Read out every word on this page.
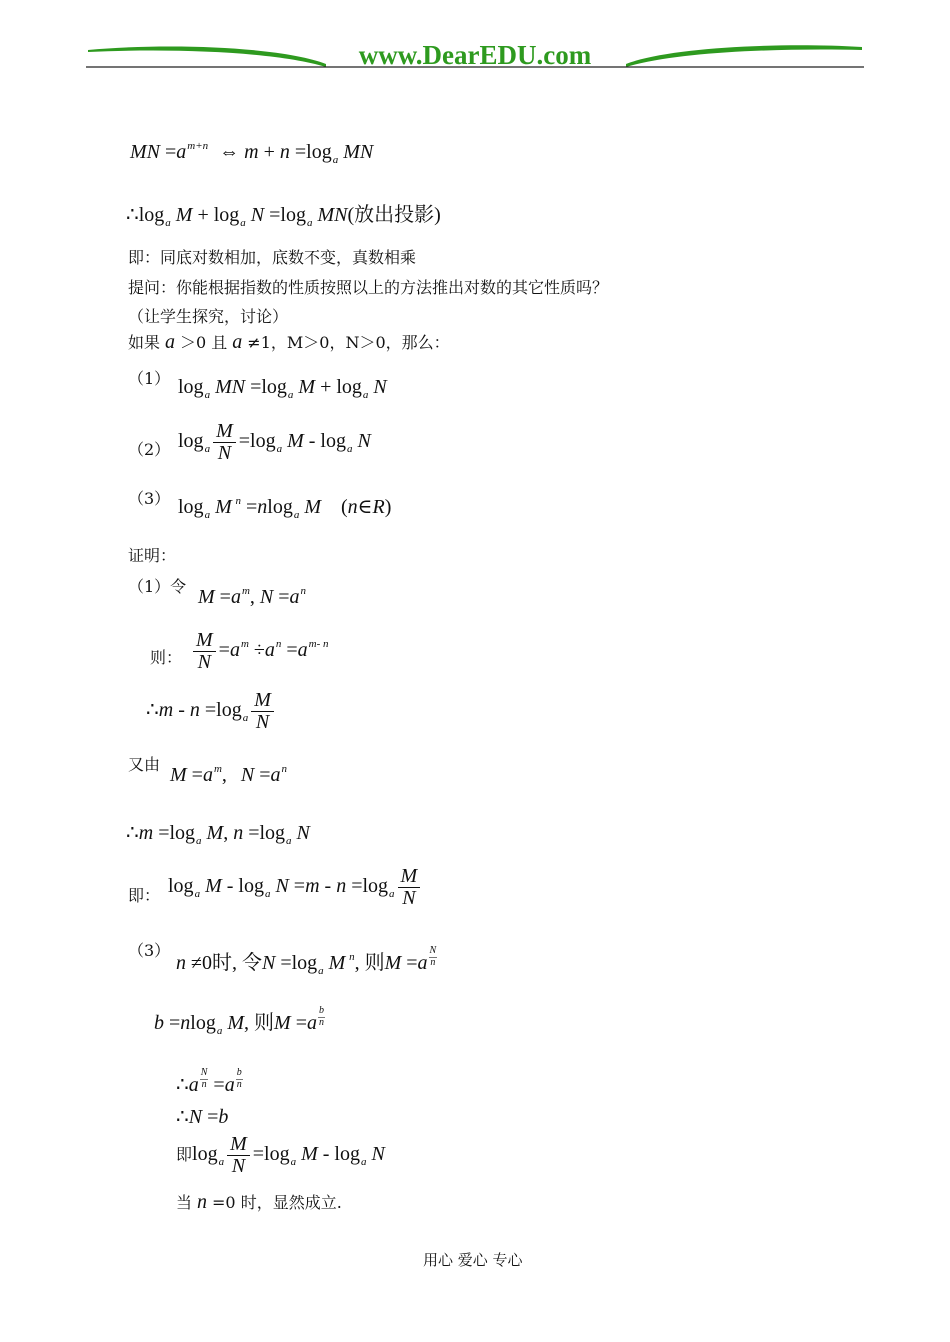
www.DearEDU.com
MN $=a^{m+n}$ ⇔ $m + n =\log_a$ MN
$\therefore\log_a$ $M + \log_a N =\log_a$ MN(放出投影)
即：同底对数相加，底数不变，真数相乘
提问：你能根据指数的性质按照以上的方法推出对数的其它性质吗？
（让学生探究，讨论）
如果 a ＞0 且 a ≠1，M＞0，N＞0，那么：
（1） $\log_a$ MN $=\log_a$ $M + \log_a N$
（2） $\log_a \frac{M}{N} =\log_a$ M - $\log_a N$
（3） $\log_a M$ $^n$ =nlog$_a$ M (n∈R)
证明：
（1）令 $M =a^m$, $N =a^n$
则： $\frac{M}{N} =a^m \div a^n =a^{m- n}$
∴m - $n =\log_a \frac{M}{N}$
又由 $M =a^m$, $N =a^n$
∴m $=\log_a$ M, $n =\log_a$ N
即： $\log_a M - \log_a N =m - n =\log_a \frac{M}{N}$
（3）
n ≠0时, 令$N =\log_a$ M $^n$, 则$M =a \frac{N}{n}$
b =nlog$_a$ M, 则$M =a \frac{b}{n}$
∴a $\frac{N}{n} =a \frac{b}{n}$
∴N =b
即$\log_a \frac{M}{N} =\log_a$ M - $\log_a N$
当 n =0 时，显然成立.
用心 爱心 专心
